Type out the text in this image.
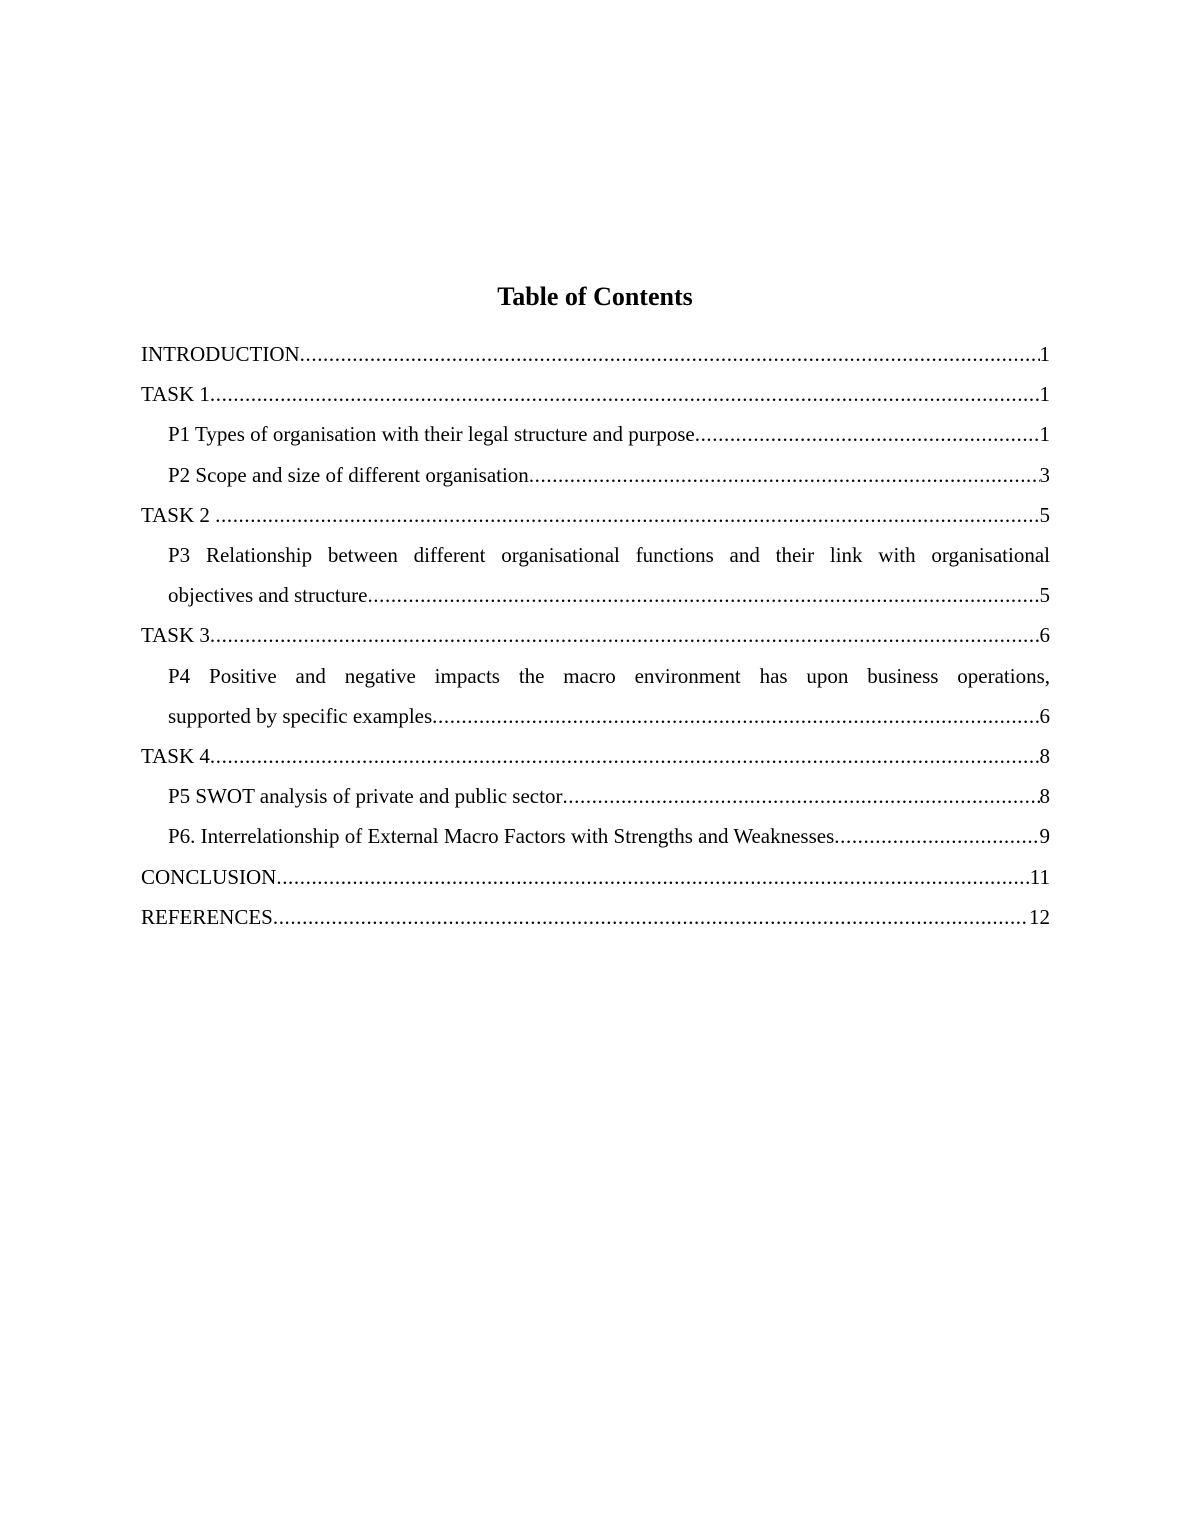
Table of Contents
INTRODUCTION .....	1
TASK 1 .....	1
P1 Types of organisation with their legal structure and purpose .....	1
P2 Scope and size of different organisation .....	3
TASK 2 .....	5
P3 Relationship between different organisational functions and their link with organisational
objectives and structure .....	5
TASK 3 .....	6
P4 Positive and negative impacts the macro environment has upon business operations,
supported by specific examples .....	6
TASK 4 .....	8
P5 SWOT analysis of private and public sector .....	8
P6. Interrelationship of External Macro Factors with Strengths and Weaknesses .....	9
CONCLUSION .....	11
REFERENCES .....	12
